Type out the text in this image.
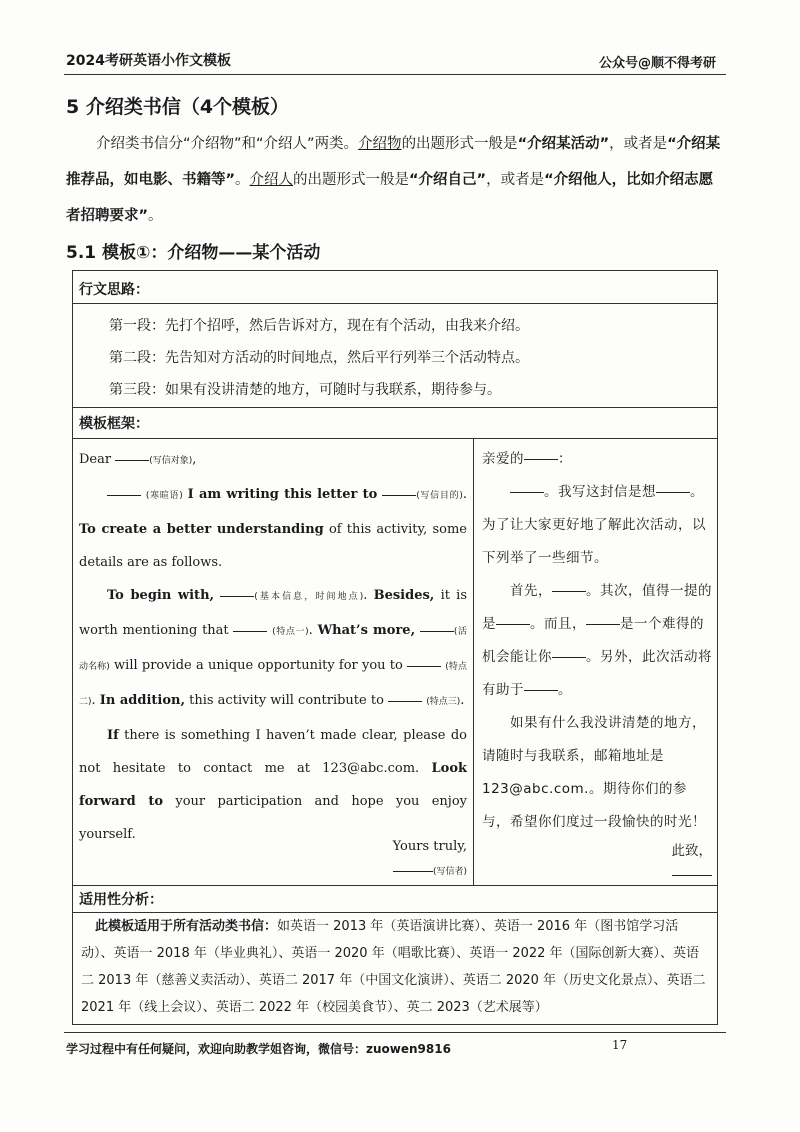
2024考研英语小作文模板	公众号@顺不得考研
5 介绍类书信（4个模板）
介绍类书信分“介绍物”和“介绍人”两类。介绍物的出题形式一般是“介绍某活动”，或者是“介绍某推荐品，如电影、书籍等”。介绍人的出题形式一般是“介绍自己”，或者是“介绍他人，比如介绍志愿者招聘要求”。
5.1 模板①：介绍物——某个活动
行文思路：
第一段：先打个招呼，然后告诉对方，现在有个活动，由我来介绍。
第二段：先告知对方活动的时间地点，然后平行列举三个活动特点。
第三段：如果有没讲清楚的地方，可随时与我联系，期待参与。
模板框架：
Dear	(写信对象),
(寒暄语) I am writing this letter to	(写信目的). To create a better understanding of this activity, some details are as follows.
To begin with,	(基本信息，时间地点). Besides, it is worth mentioning that	(特点一). What’s more,	(活动名称) will provide a unique opportunity for you to	(特点二). In addition, this activity will contribute to	(特点三).
If there is something I haven’t made clear, please do not hesitate to contact me at 123@abc.com. Look forward to your participation and hope you enjoy yourself.
Yours truly,
(写信者)
亲爱的	：
。我写这封信是想	。为了让大家更好地了解此次活动，以下列举了一些细节。
首先，	。其次，值得一提的是	。而且，	是一个难得的机会能让你	。另外，此次活动将有助于	。
如果有什么我没讲清楚的地方，请随时与我联系，邮箱地址是123@abc.com.。期待你们的参与，希望你们度过一段愉快的时光！
此致，
适用性分析：
此模板适用于所有活动类书信：如英语一 2013 年（英语演讲比赛）、英语一 2016 年（图书馆学习活动）、英语一 2018 年（毕业典礼）、英语一 2020 年（唱歌比赛）、英语一 2022 年（国际创新大赛）、英语二 2013 年（慈善义卖活动）、英语二 2017 年（中国文化演讲）、英语二 2020 年（历史文化景点）、英语二 2021 年（线上会议）、英语二 2022 年（校园美食节）、英二 2023（艺术展等）
学习过程中有任何疑问，欢迎向助教学姐咨询，微信号：zuowen9816	17
